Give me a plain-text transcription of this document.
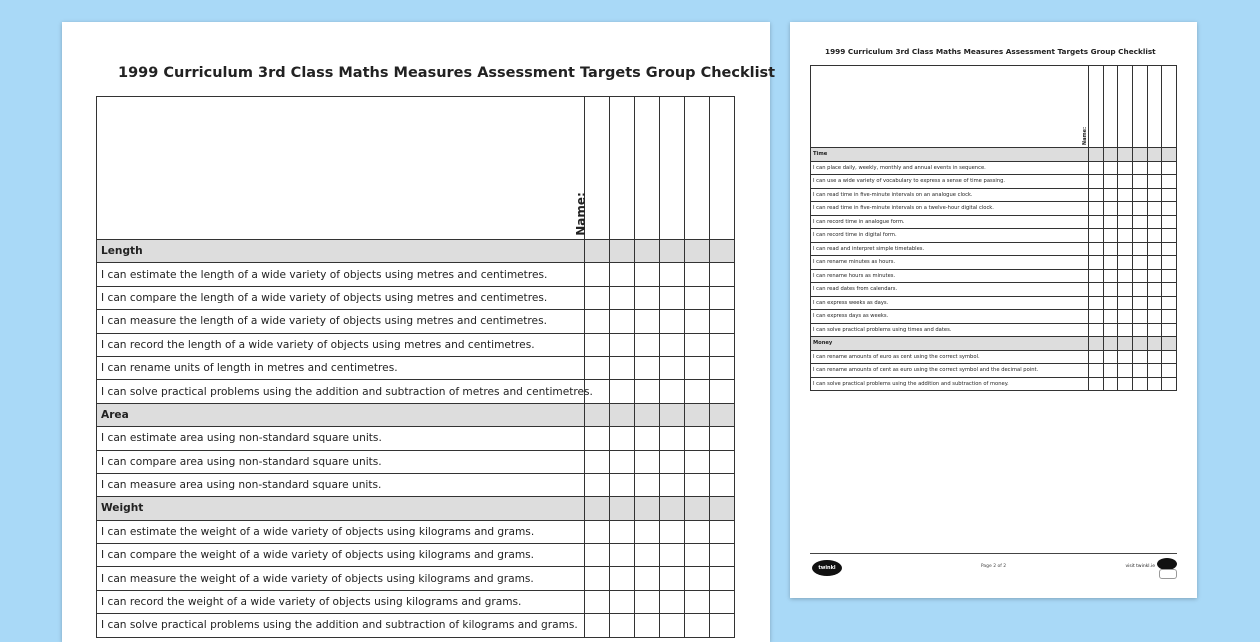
1999 Curriculum 3rd Class Maths Measures Assessment Targets Group Checklist

	Name:					

Length						
I can estimate the length of a wide variety of objects using metres and centimetres.						
I can compare the length of a wide variety of objects using metres and centimetres.						
I can measure the length of a wide variety of objects using metres and centimetres.						
I can record the length of a wide variety of objects using metres and centimetres.						
I can rename units of length in metres and centimetres.						
I can solve practical problems using the addition and subtraction of metres and centimetres.						
Area						
I can estimate area using non-standard square units.						
I can compare area using non-standard square units.						
I can measure area using non-standard square units.						
Weight						
I can estimate the weight of a wide variety of objects using kilograms and grams.						
I can compare the weight of a wide variety of objects using kilograms and grams.						
I can measure the weight of a wide variety of objects using kilograms and grams.						
I can record the weight of a wide variety of objects using kilograms and grams.						
I can solve practical problems using the addition and subtraction of kilograms and grams.						
1999 Curriculum 3rd Class Maths Measures Assessment Targets Group Checklist

	Name:					

Time						
I can place daily, weekly, monthly and annual events in sequence.						
I can use a wide variety of vocabulary to express a sense of time passing.						
I can read time in five-minute intervals on an analogue clock.						
I can read time in five-minute intervals on a twelve-hour digital clock.						
I can record time in analogue form.						
I can record time in digital form.						
I can read and interpret simple timetables.						
I can rename minutes as hours.						
I can rename hours as minutes.						
I can read dates from calendars.						
I can express weeks as days.						
I can express days as weeks.						
I can solve practical problems using times and dates.						
Money						
I can rename amounts of euro as cent using the correct symbol.						
I can rename amounts of cent as euro using the correct symbol and the decimal point.						
I can solve practical problems using the addition and subtraction of money.						
twinkl	Page 2 of 2	visit twinkl.ie
